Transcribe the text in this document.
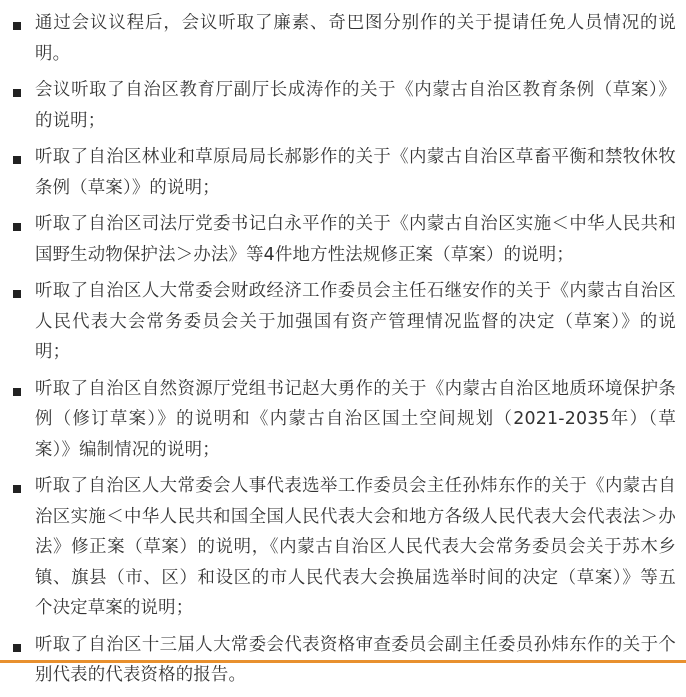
通过会议议程后，会议听取了廉素、奇巴图分别作的关于提请任免人员情况的说明。
会议听取了自治区教育厅副厅长成涛作的关于《内蒙古自治区教育条例（草案）》的说明；
听取了自治区林业和草原局局长郝影作的关于《内蒙古自治区草畜平衡和禁牧休牧条例（草案）》的说明；
听取了自治区司法厅党委书记白永平作的关于《内蒙古自治区实施＜中华人民共和国野生动物保护法＞办法》等4件地方性法规修正案（草案）的说明；
听取了自治区人大常委会财政经济工作委员会主任石继安作的关于《内蒙古自治区人民代表大会常务委员会关于加强国有资产管理情况监督的决定（草案）》的说明；
听取了自治区自然资源厅党组书记赵大勇作的关于《内蒙古自治区地质环境保护条例（修订草案）》的说明和《内蒙古自治区国土空间规划（2021-2035年）（草案）》编制情况的说明；
听取了自治区人大常委会人事代表选举工作委员会主任孙炜东作的关于《内蒙古自治区实施＜中华人民共和国全国人民代表大会和地方各级人民代表大会代表法＞办法》修正案（草案）的说明，《内蒙古自治区人民代表大会常务委员会关于苏木乡镇、旗县（市、区）和设区的市人民代表大会换届选举时间的决定（草案）》等五个决定草案的说明；
听取了自治区十三届人大常委会代表资格审查委员会副主任委员孙炜东作的关于个别代表的代表资格的报告。
